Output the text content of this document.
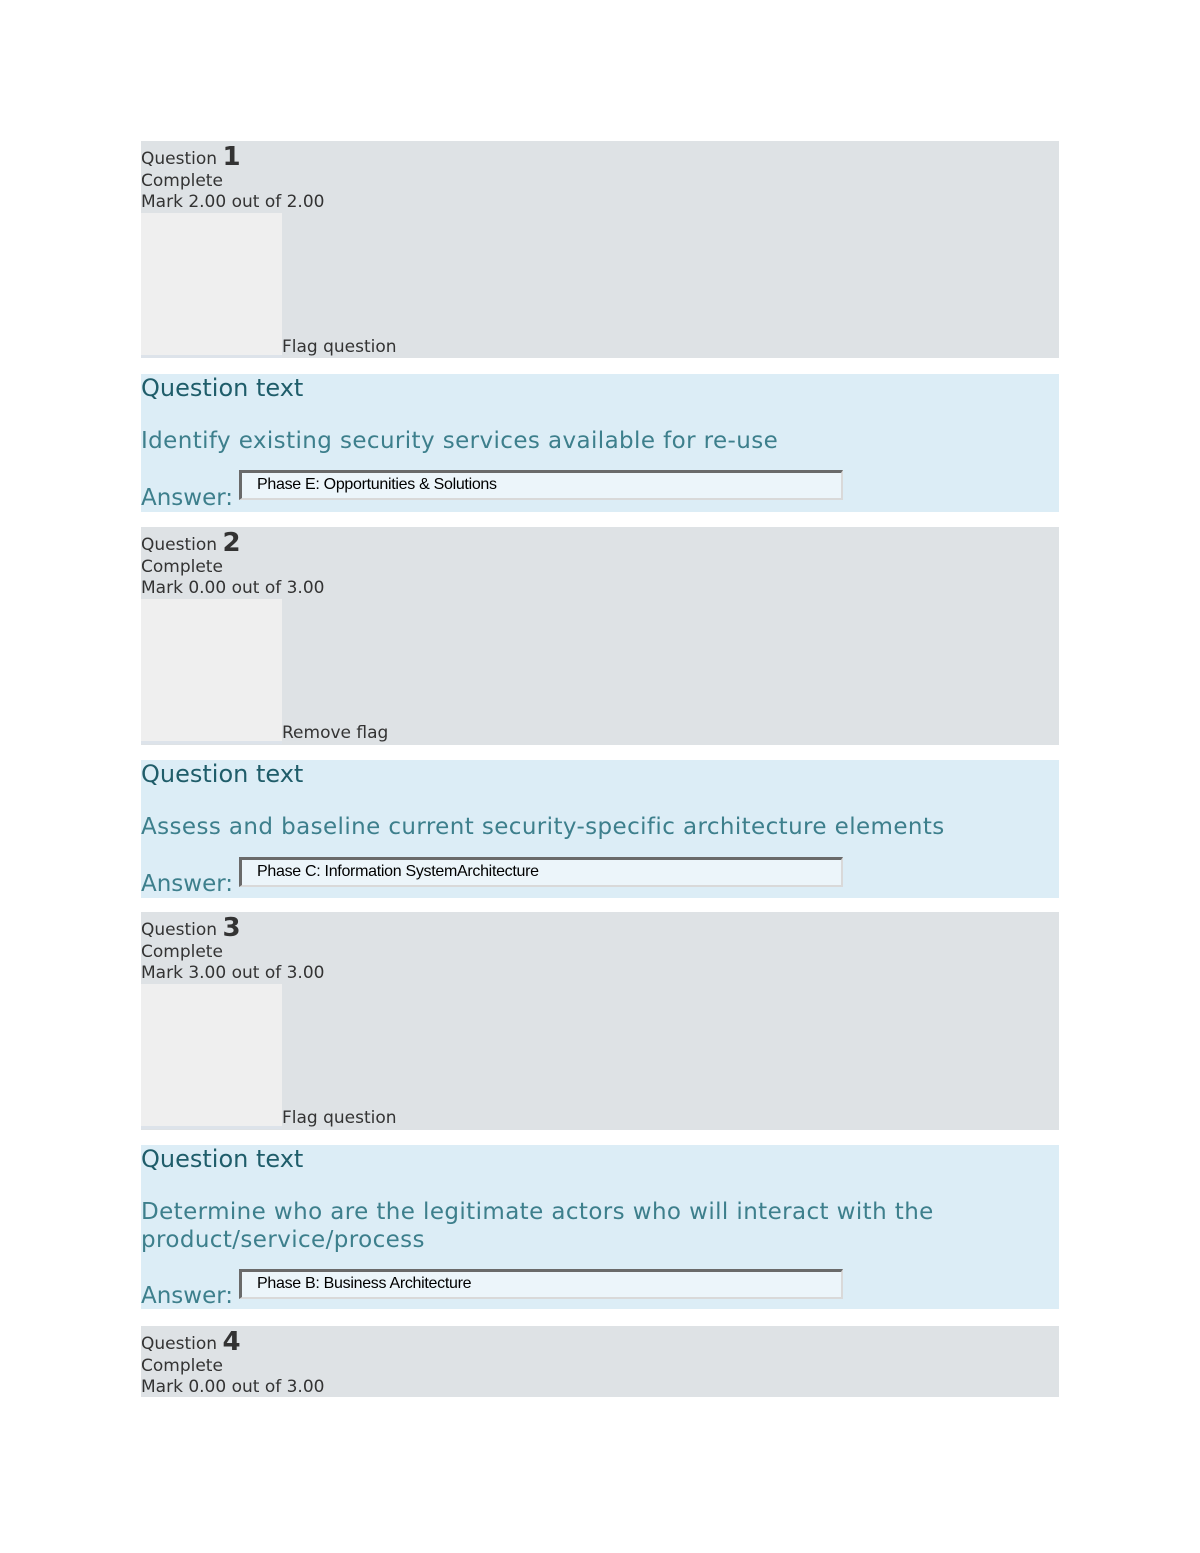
Question 1
Complete
Mark 2.00 out of 2.00
Flag question
Question text
Identify existing security services available for re-use
Answer:
Phase E: Opportunities & Solutions
Question 2
Complete
Mark 0.00 out of 3.00
Remove flag
Question text
Assess and baseline current security-specific architecture elements
Answer:	Phase C: Information SystemArchitecture
Question 3
Complete
Mark 3.00 out of 3.00
Flag question
Question text
Determine who are the legitimate actors who will interact with the
product/service/process
Answer:	Phase B: Business Architecture
Question 4
Complete
Mark 0.00 out of 3.00
